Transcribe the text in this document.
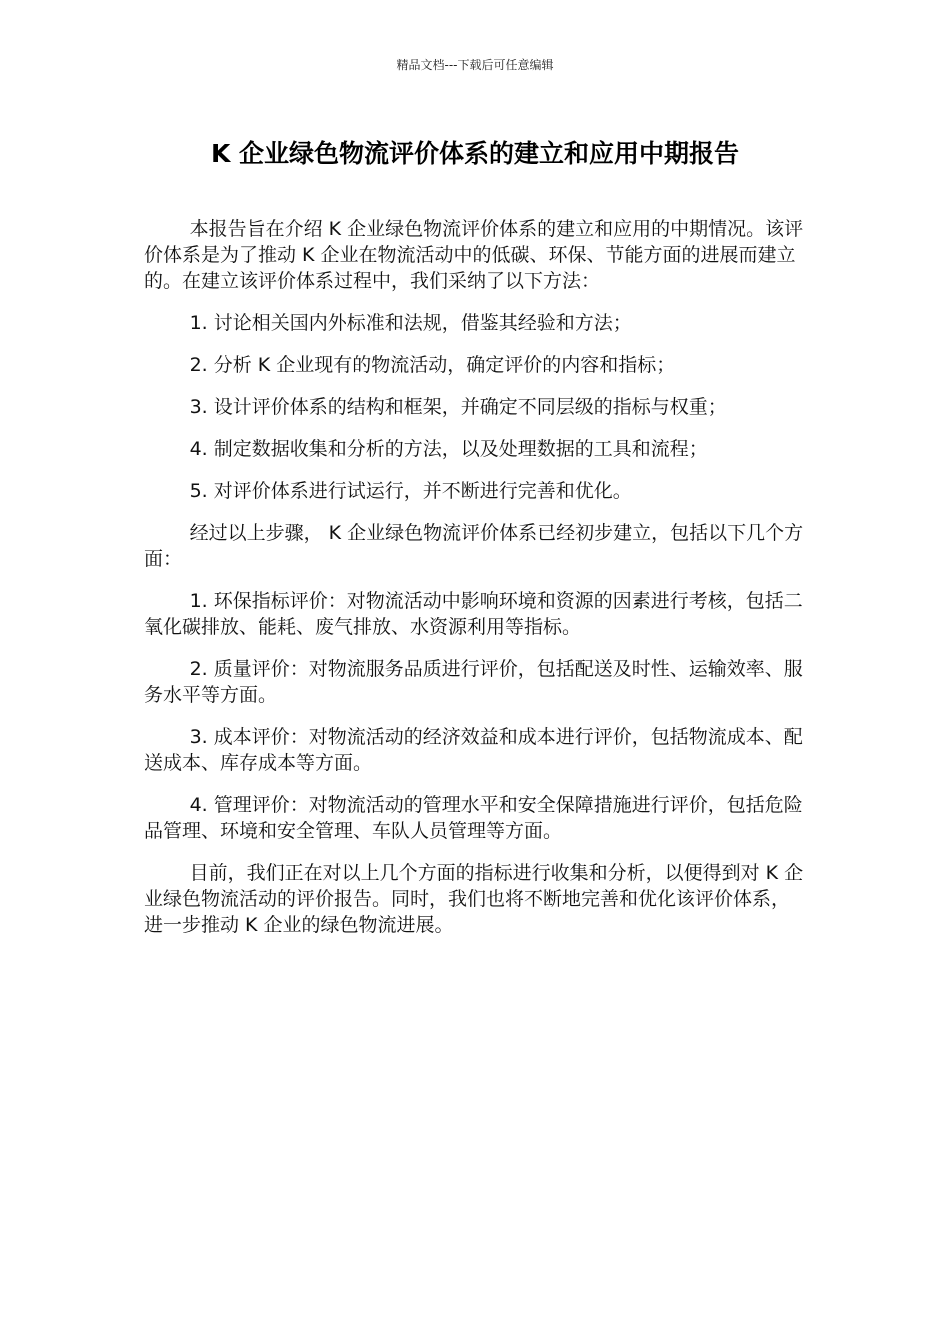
精品文档---下载后可任意编辑
K 企业绿色物流评价体系的建立和应用中期报告

本报告旨在介绍 K 企业绿色物流评价体系的建立和应用的中期情况。该评价体系是为了推动 K 企业在物流活动中的低碳、环保、节能方面的进展而建立的。在建立该评价体系过程中，我们采纳了以下方法：

1. 讨论相关国内外标准和法规，借鉴其经验和方法；

2. 分析 K 企业现有的物流活动，确定评价的内容和指标；

3. 设计评价体系的结构和框架，并确定不同层级的指标与权重；

4. 制定数据收集和分析的方法，以及处理数据的工具和流程；

5. 对评价体系进行试运行，并不断进行完善和优化。

经过以上步骤， K 企业绿色物流评价体系已经初步建立，包括以下几个方面：

1. 环保指标评价：对物流活动中影响环境和资源的因素进行考核，包括二氧化碳排放、能耗、废气排放、水资源利用等指标。

2. 质量评价：对物流服务品质进行评价，包括配送及时性、运输效率、服务水平等方面。

3. 成本评价：对物流活动的经济效益和成本进行评价，包括物流成本、配送成本、库存成本等方面。

4. 管理评价：对物流活动的管理水平和安全保障措施进行评价，包括危险品管理、环境和安全管理、车队人员管理等方面。

目前，我们正在对以上几个方面的指标进行收集和分析，以便得到对 K 企业绿色物流活动的评价报告。同时，我们也将不断地完善和优化该评价体系，进一步推动 K 企业的绿色物流进展。
